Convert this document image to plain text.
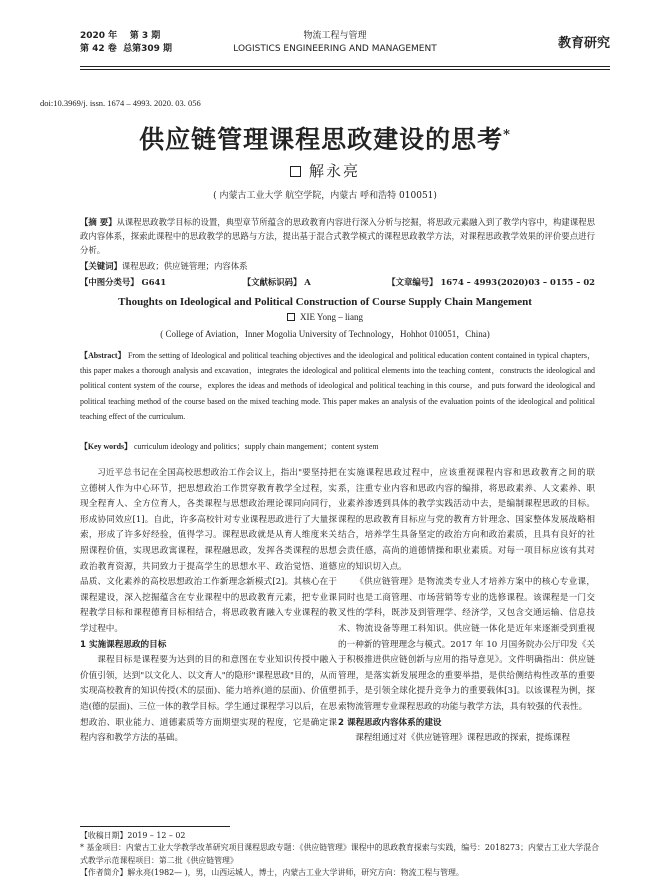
2020 年 第 3 期
第 42 卷 总第309 期
物流工程与管理
LOGISTICS ENGINEERING AND MANAGEMENT	教育研究
doi:10.3969/j. issn. 1674 – 4993. 2020. 03. 056
供应链管理课程思政建设的思考*
解永亮
( 内蒙古工业大学 航空学院，内蒙古 呼和浩特 010051)
【摘 要】从课程思政教学目标的设置，典型章节所蕴含的思政教育内容进行深入分析与挖掘，将思政元素融入到了教学内容中，构建课程思政内容体系，探索此课程中的思政教学的思路与方法，提出基于混合式教学模式的课程思政教学方法，对课程思政教学效果的评价要点进行分析。
【关键词】课程思政；供应链管理；内容体系
【中图分类号】 G641	【文献标识码】 A	【文章编号】 1674 – 4993(2020)03 – 0155 – 02
Thoughts on Ideological and Political Construction of Course Supply Chain Mangement
XIE Yong – liang
( College of Aviation，Inner Mogolia University of Technology，Hohhot 010051，China)
【Abstract】 From the setting of Ideological and political teaching objectives and the ideological and political education content contained in typical chapters，this paper makes a thorough analysis and excavation，integrates the ideological and political elements into the teaching content，constructs the ideological and political content system of the course，explores the ideas and methods of ideological and political teaching in this course，and puts forward the ideological and political teaching method of the course based on the mixed teaching mode. This paper makes an analysis of the evaluation points of the ideological and political teaching effect of the curriculum.
【Key words】 curriculum ideology and politics；supply chain mangement；content system

习近平总书记在全国高校思想政治工作会议上，指出"要坚持把立德树人作为中心环节，把思想政治工作贯穿教育教学全过程，实现全程育人、全方位育人，各类课程与思想政治理论课同向同行，形成协同效应[1]。自此，许多高校针对专业课程思政进行了大量探索，形成了许多好经验，值得学习。课程思政就是从育人维度来关照课程价值，实现思政寓课程，课程融思政，发挥各类课程的思想政治教育资源，共同致力于提高学生的思想水平、政治觉悟、道德品质、文化素养的高校思想政治工作新理念新模式[2]。其核心在于课程建设，深入挖掘蕴含在专业课程中的思政教育元素，把专业课程教学目标和课程德育目标相结合，将思政教育融入专业课程的教学过程中。

1 实施课程思政的目标

课程目标是课程要为达到的目的和意图在专业知识传授中融入价值引领，达到"以文化人、以文育人"的隐形"课程思政"目的，从而实现高校教育的知识传授(术的层面)、能力培养(道的层面)、价值塑造(德的层面)、三位一体的教学目标。学生通过课程学习以后，在思想政治、职业能力、道德素质等方面期望实现的程度，它是确定课程内容和教学方法的基础。

在实施课程思政过程中，应该重视课程内容和思政教育之间的联系，注重专业内容和思政内容的编排，将思政素养、人文素养、职业素养渗透到具体的教学实践活动中去，是编制课程思政的目标。课程的思政教育目标应与党的教育方针理念、国家整体发展战略相结合，培养学生具备坚定的政治方向和政治素质，且具有良好的社会责任感，高尚的道德情操和职业素质。对每一项目标应该有其对应的知识切入点。

《供应链管理》是物流类专业人才培养方案中的核心专业课，同时也是工商管理、市场营销等专业的选修课程。该课程是一门交叉性的学科，既涉及到管理学、经济学，又包含交通运输、信息技术、物流设备等理工科知识。供应链一体化是近年来逐渐受到重视的一种新的管理理念与模式。2017 年 10 月国务院办公厅印发《关于积极推进供应链创新与应用的指导意见》。文件明确指出：供应链管理，是落实新发展理念的重要举措，是供给侧结构性改革的重要抓手，是引领全球化提升竞争力的重要载体[3]。以该课程为例，探索物流管理专业课程思政的功能与教学方法，具有较强的代表性。

2 课程思政内容体系的建设

课程组通过对《供应链管理》课程思政的探索，提炼课程

【收稿日期】2019 – 12 – 02
* 基金项目：内蒙古工业大学教学改革研究项目课程思政专题：《供应链管理》课程中的思政教育探索与实践，编号：2018273；内蒙古工业大学混合式教学示范课程项目：第二批《供应链管理》
【作者简介】解永亮(1982— )，男，山西运城人，博士，内蒙古工业大学讲师，研究方向：物流工程与管理。
